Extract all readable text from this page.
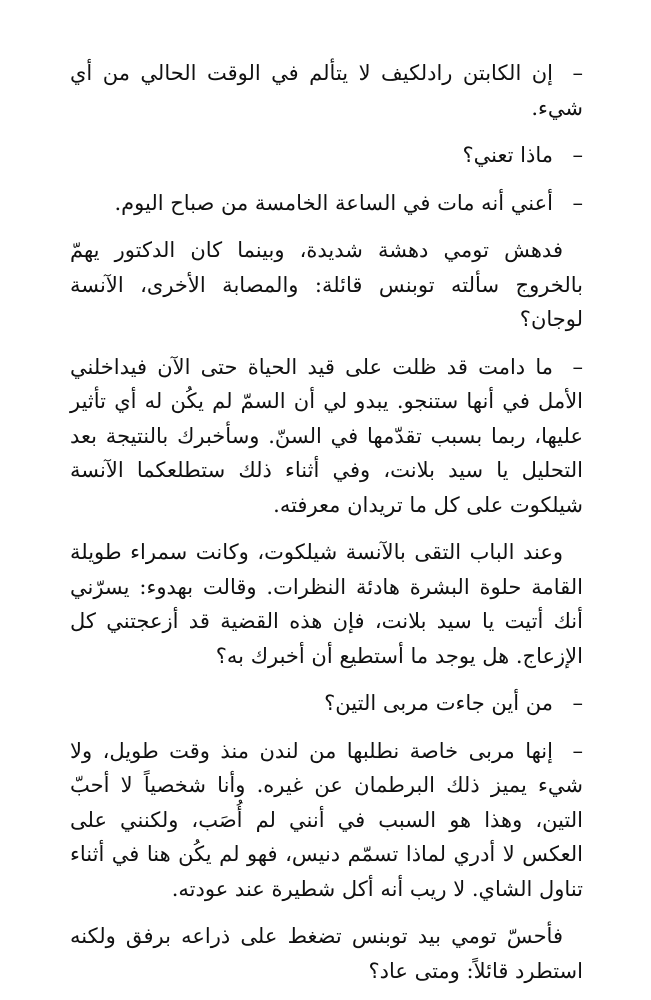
–إن الكابتن رادلكيف لا يتألم في الوقت الحالي من أي شيء.

–ماذا تعني؟

–أعني أنه مات في الساعة الخامسة من صباح اليوم.

فدهش تومي دهشة شديدة، وبينما كان الدكتور يهمّ بالخروج سألته توبنس قائلة: والمصابة الأخرى، الآنسة لوجان؟

–ما دامت قد ظلت على قيد الحياة حتى الآن فيداخلني الأمل في أنها ستنجو. يبدو لي أن السمّ لم يكُن له أي تأثير عليها، ربما بسبب تقدّمها في السنّ. وسأخبرك بالنتيجة بعد التحليل يا سيد بلانت، وفي أثناء ذلك ستطلعكما الآنسة شيلكوت على كل ما تريدان معرفته.

وعند الباب التقى بالآنسة شيلكوت، وكانت سمراء طويلة القامة حلوة البشرة هادئة النظرات. وقالت بهدوء: يسرّني أنك أتيت يا سيد بلانت، فإن هذه القضية قد أزعجتني كل الإزعاج. هل يوجد ما أستطيع أن أخبرك به؟

–من أين جاءت مربى التين؟

–إنها مربى خاصة نطلبها من لندن منذ وقت طويل، ولا شيء يميز ذلك البرطمان عن غيره. وأنا شخصياً لا أحبّ التين، وهذا هو السبب في أنني لم أُصَب، ولكنني على العكس لا أدري لماذا تسمّم دنيس، فهو لم يكُن هنا في أثناء تناول الشاي. لا ريب أنه أكل شطيرة عند عودته.

فأحسّ تومي بيد توبنس تضغط على ذراعه برفق ولكنه استطرد قائلاً: ومتى عاد؟
